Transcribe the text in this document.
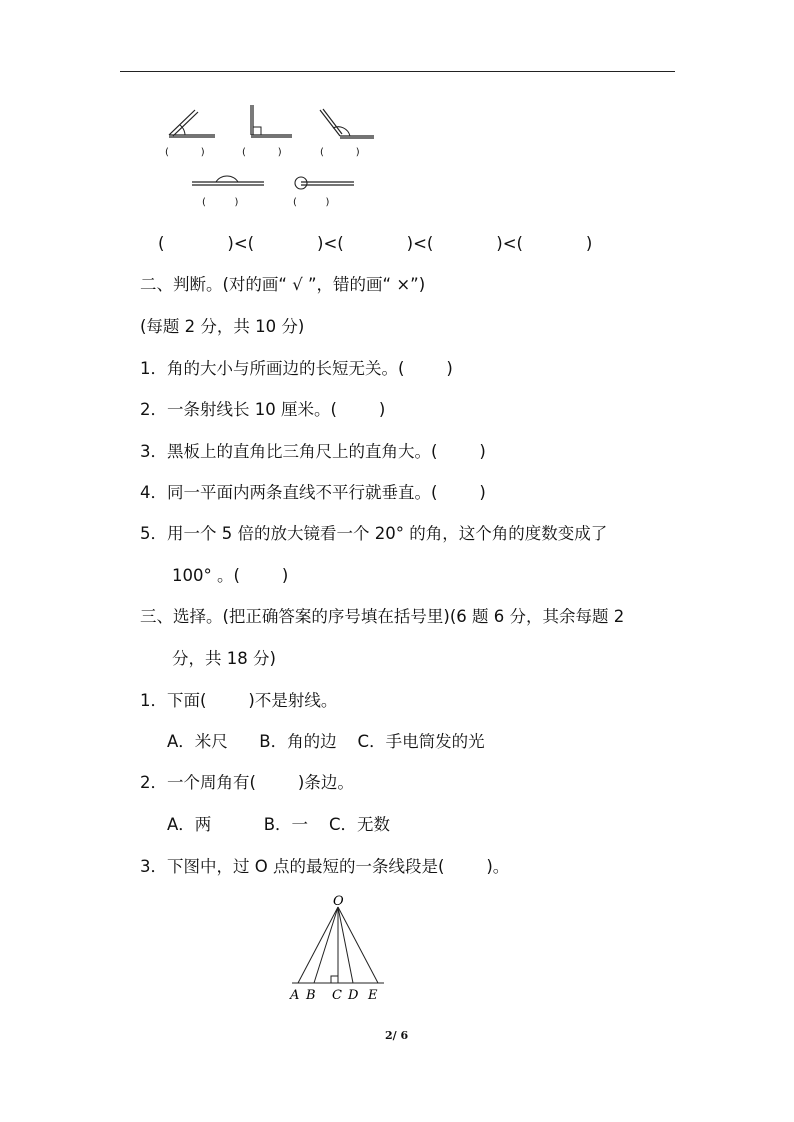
(          )	(          )	(          )
(         )	(         )
(            )<(            )<(            )<(            )<(            )
二、判断。(对的画“ √ ”，错的画“ ×”)
(每题 2 分，共 10 分)
1．角的大小与所画边的长短无关。(        )
2．一条射线长 10 厘米。(        )
3．黑板上的直角比三角尺上的直角大。(        )
4．同一平面内两条直线不平行就垂直。(        )
5．用一个 5 倍的放大镜看一个 20° 的角，这个角的度数变成了
100° 。(        )
三、选择。(把正确答案的序号填在括号里)(6 题 6 分，其余每题 2
分，共 18 分)
1．下面(        )不是射线。
A．米尺      B．角的边    C．手电筒发的光
2．一个周角有(        )条边。
A．两          B．一    C．无数
3．下图中，过 O 点的最短的一条线段是(        )。
O
A B C D E
2/ 6
